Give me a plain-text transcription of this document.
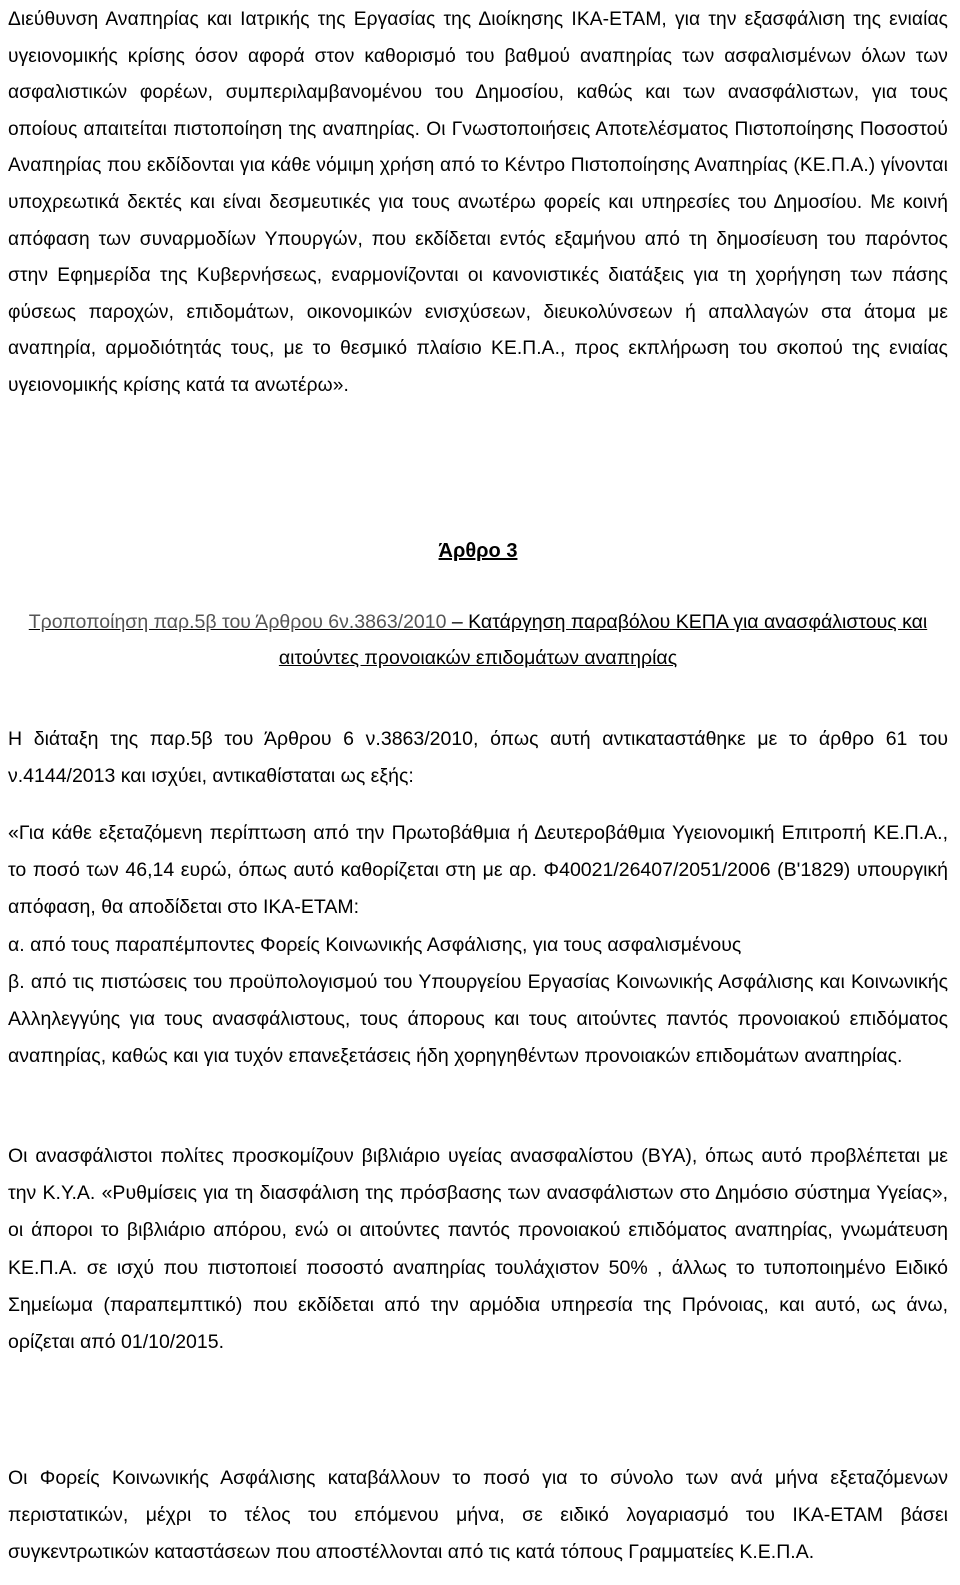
Διεύθυνση Αναπηρίας και Ιατρικής της Εργασίας της Διοίκησης ΙΚΑ-ΕΤΑΜ, για την εξασφάλιση της ενιαίας υγειονομικής κρίσης όσον αφορά στον καθορισμό του βαθμού αναπηρίας των ασφαλισμένων όλων των ασφαλιστικών φορέων, συμπεριλαμβανομένου του Δημοσίου, καθώς και των ανασφάλιστων, για τους οποίους απαιτείται πιστοποίηση της αναπηρίας. Οι Γνωστοποιήσεις Αποτελέσματος Πιστοποίησης Ποσοστού Αναπηρίας που εκδίδονται για κάθε νόμιμη χρήση από το Κέντρο Πιστοποίησης Αναπηρίας (ΚΕ.Π.Α.) γίνονται υποχρεωτικά δεκτές και είναι δεσμευτικές για τους ανωτέρω φορείς και υπηρεσίες του Δημοσίου. Με κοινή απόφαση των συναρμοδίων Υπουργών, που εκδίδεται εντός εξαμήνου από τη δημοσίευση του παρόντος στην Εφημερίδα της Κυβερνήσεως, εναρμονίζονται οι κανονιστικές διατάξεις για τη χορήγηση των πάσης φύσεως παροχών, επιδομάτων, οικονομικών ενισχύσεων, διευκολύνσεων ή απαλλαγών στα άτομα με αναπηρία, αρμοδιότητάς τους, με το θεσμικό πλαίσιο ΚΕ.Π.Α., προς εκπλήρωση του σκοπού της ενιαίας υγειονομικής κρίσης κατά τα ανωτέρω».

Άρθρο 3

Τροποποίηση παρ.5β του Άρθρου 6ν.3863/2010 – Κατάργηση παραβόλου ΚΕΠΑ για ανασφάλιστους και αιτούντες προνοιακών επιδομάτων αναπηρίας

Η διάταξη της παρ.5β του Άρθρου 6 ν.3863/2010, όπως αυτή αντικαταστάθηκε με το άρθρο 61 του ν.4144/2013 και ισχύει, αντικαθίσταται ως εξής:

«Για κάθε εξεταζόμενη περίπτωση από την Πρωτοβάθμια ή Δευτεροβάθμια Υγειονομική Επιτροπή ΚΕ.Π.Α., το ποσό των 46,14 ευρώ, όπως αυτό καθορίζεται στη με αρ. Φ40021/26407/2051/2006 (Β'1829) υπουργική απόφαση, θα αποδίδεται στο ΙΚΑ-ΕΤΑΜ:

α. από τους παραπέμποντες Φορείς Κοινωνικής Ασφάλισης, για τους ασφαλισμένους

β. από τις πιστώσεις του προϋπολογισμού του Υπουργείου Εργασίας Κοινωνικής Ασφάλισης και Κοινωνικής Αλληλεγγύης για τους ανασφάλιστους, τους άπορους και τους αιτούντες παντός προνοιακού επιδόματος αναπηρίας, καθώς και για τυχόν επανεξετάσεις ήδη χορηγηθέντων προνοιακών επιδομάτων αναπηρίας.

Οι ανασφάλιστοι πολίτες προσκομίζουν βιβλιάριο υγείας ανασφαλίστου (ΒΥΑ), όπως αυτό προβλέπεται με την Κ.Υ.Α. «Ρυθμίσεις για τη διασφάλιση της πρόσβασης των ανασφάλιστων στο Δημόσιο σύστημα Υγείας», οι άποροι το βιβλιάριο απόρου, ενώ οι αιτούντες παντός προνοιακού επιδόματος αναπηρίας, γνωμάτευση ΚΕ.Π.Α. σε ισχύ που πιστοποιεί ποσοστό αναπηρίας τουλάχιστον 50% , άλλως το τυποποιημένο Ειδικό Σημείωμα (παραπεμπτικό) που εκδίδεται από την αρμόδια υπηρεσία της Πρόνοιας, και αυτό, ως άνω, ορίζεται από 01/10/2015.

Οι Φορείς Κοινωνικής Ασφάλισης καταβάλλουν το ποσό για το σύνολο των ανά μήνα εξεταζόμενων περιστατικών, μέχρι το τέλος του επόμενου μήνα, σε ειδικό λογαριασμό του ΙΚΑ-ΕΤΑΜ βάσει συγκεντρωτικών καταστάσεων που αποστέλλονται από τις κατά τόπους Γραμματείες Κ.Ε.Π.Α.
